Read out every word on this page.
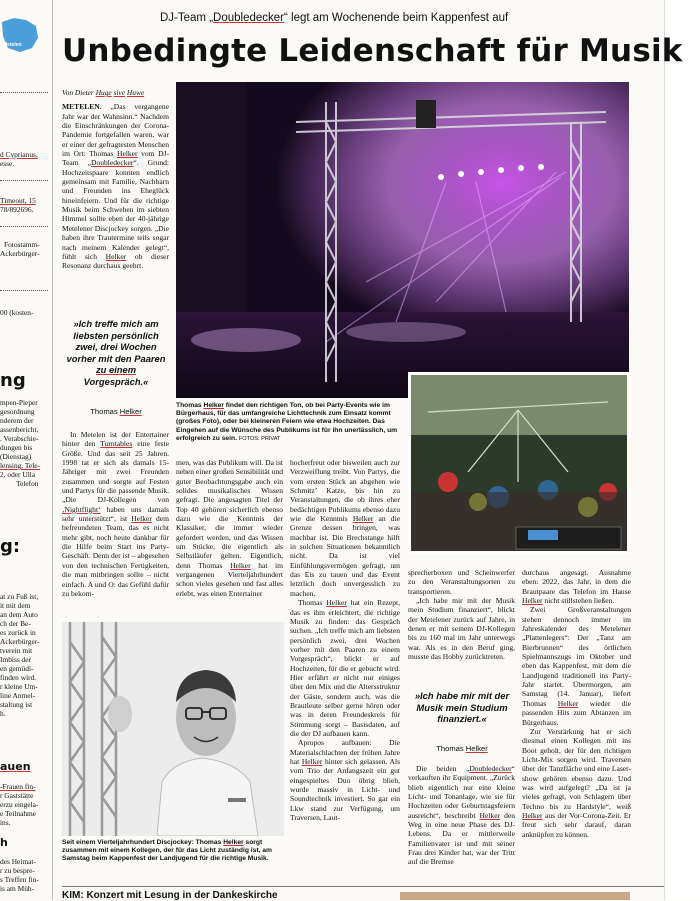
Metelen
d Cyprianus,
esse.
Timeout, 15
78/892696.
Fotostamm-
Ackerbürger-
00 (kosten-
ng
mpen-Pieper
gesordnung
nderem der
assenbericht,
. Verabschie-
dungen bis
(Dienstag)
lensing, Tele-
2, oder Ulla
Telefon
g:
at zu Fuß ist,
it mit dem
an dem Auto
ch der Be-
es zurück in
Ackerbürger-
tverein mit
Imbiss der
en gemüdi-
finden wird.
r kleine Um-
line Anmel-
staltung ist
h.
auen
-Frauen fin-
r Gaststätte
erzu eingela-
e Teilnahme
ins.
h
des Heimat-
r zu bespre-
s Treffen fin-
is am Müh-
DJ-Team „Doubledecker“ legt am Wochenende beim Kappenfest auf
Unbedingte Leidenschaft für Musik

Von Dieter Huge sive Huwe

METELEN. „Das vergangene Jahr war der Wahnsinn.“ Nachdem die Einschränkungen der Corona-Pandemie fortgefallen waren, war er einer der gefragtesten Menschen im Ort: Thomas Helker vom DJ-Team „Doubledecker“. Grund: Hochzeitspaare konnten endlich gemeinsam mit Familie, Nachbarn und Freunden ins Eheglück hineinfeiern. Und für die richtige Musik beim Schweben im siebten Himmel sollte eben der 40-jährige Metelener Discjockey sorgen. „Die haben ihre Trautermine teils sogar nach meinem Kalender gelegt“, fühlt sich Helker ob dieser Resonanz durchaus geehrt.

»Ich treffe mich am liebsten persönlich zwei, drei Wochen vorher mit den Paaren zu einem
Vorgespräch.«
Thomas Helker

In Metelen ist der Entertainer hinter den Turntables eine feste Größe. Und das seit 25 Jahren. 1998 tat er sich als damals 15-Jähriger mit zwei Freunden zusammen und sorgte auf Festen und Partys für die passende Musik. „Die DJ-Kollegen von ‚Nightflight‘ haben uns damals sehr unterstützt“, ist Helker dem befreundeten Team, das es nicht mehr gibt, noch heute dankbar für die Hilfe beim Start ins Party-Geschäft. Denn der ist – abgesehen von den technischen Fertigkeiten, die man mitbringen sollte – nicht einfach. A und O: das Gefühl dafür zu bekom-

Thomas Helker findet den richtigen Ton, ob bei Party-Events wie im Bürgerhaus, für das umfangreiche Lichttechnik zum Einsatz kommt (großes Foto), oder bei kleineren Feiern wie etwa Hochzeiten. Das Eingehen auf die Wünsche des Publikums ist für ihn unerlässlich, um erfolgreich zu sein. FOTOS: PRIVAT

men, was das Publikum will. Da ist neben einer großen Sensibilität und guter Beobachtungsgabe auch ein solides musikalisches Wissen gefragt. Die angesagten Titel der Top 40 gehören sicherlich ebenso dazu wie die Kenntnis der Klassiker, die immer wieder gefordert werden, und das Wissen um Stücke, die eigentlich als Selbstläufer gelten. Eigentlich, denn Thomas Helker hat im vergangenen Vierteljahrhundert schon vieles gesehen und fast alles erlebt, was einen Entertainer

hocherfreut oder bisweilen auch zur Verzweiflung treibt. Von Partys, die vom ersten Stück an abgehen wie Schmitz’ Katze, bis hin zu Veranstaltungen, die ob ihres eher bedächtigen Publikums ebenso dazu wie die Kenntnis Helker an die Grenze dessen bringen, was machbar ist. Die Brechstange hilft in solchen Situationen bekanntlich nicht. Da ist viel Einfühlungsvermögen gefragt, um das Eis zu tauen und das Event letztlich doch unvergesslich zu machen.

Thomas Helker hat ein Rezept, das es ihm erleichtert, die richtige Musik zu finden: das Gespräch suchen. „Ich treffe mich am liebsten persönlich zwei, drei Wochen vorher mit den Paaren zu einem Vorgespräch“, blickt er auf Hochzeiten, für die er gebucht wird. Hier erfährt er nicht nur einiges über den Mix und die Altersstruktur der Gäste, sondern auch, was die Brautleute selber gerne hören oder was in deren Freundeskreis für Stimmung sorgt – Basisdaten, auf die der DJ aufbauen kann.

Apropos aufbauen: Die Materialschlachten der frühen Jahre hat Helker hinter sich gelassen. Als vom Trio der Anfangszeit ein gut eingespieltes Duo übrig blieb, wurde massiv in Licht- und Soundtechnik investiert. So gar ein Lkw stand zur Verfügung, um Traversen, Laut-

sprecherboxen und Scheinwerfer zu den Veranstaltungsorten zu transportieren.

„Ich habe mir mit der Musik mein Studium finanziert“, blickt der Metelener zurück auf Jahre, in denen er mit seinem DJ-Kollegen bis zu 160 mal im Jahr unterwegs war. Als es in den Beruf ging, musste das Hobby zurücktreten.

»Ich habe mir mit der Musik mein Studium finanziert.«
Thomas Helker

Die beiden „Doubledecker“ verkauften ihr Equipment. „Zurück blieb eigentlich nur eine kleine Licht- und Tonanlage, wie sie für Hochzeiten oder Geburtstagsfeiern ausreicht“, beschreibt Helker den Weg in eine neue Phase des DJ-Lebens. Da er mittlerweile Familienvater ist und mit seiner Frau drei Kinder hat, war der Tritt auf die Bremse

durchaus angesagt. Ausnahme eben: 2022, das Jahr, in dem die Brautpaare das Telefon im Hause Helker nicht stillstehen ließen.

Zwei Großveranstaltungen stehen dennoch immer im Jahreskalender des Metelener „Plattenlegers“: Der „Tanz am Bierbrunnen“ des örtlichen Spielmannszugs im Oktober und eben das Kappenfest, mit dem die Landjugend traditionell ins Party-Jahr startet. Übermorgen, am Samstag (14. Januar), liefert Thomas Helker wieder die passenden Hits zum Abtanzen im Bürgerhaus.

Zur Verstärkung hat er sich diesmal einen Kollegen mit ins Boot geholt, der für den richtigen Licht-Mix sorgen wird. Traversen über der Tanzfläche und eine Laser-show gehören ebenso dazu. Und was wird aufgelegt? „Da ist ja vieles gefragt, von Schlagern über Techno bis zu Hardstyle“, weiß Helker aus der Vor-Corona-Zeit. Er freut sich sehr darauf, daran anknüpfen zu können.

Seit einem Vierteljahrhundert Discjockey: Thomas Helker sorgt zusammen mit einem Kollegen, der für das Licht zuständig ist, am Samstag beim Kappenfest der Landjugend für die richtige Musik.
KIM: Konzert mit Lesung in der Dankeskirche
